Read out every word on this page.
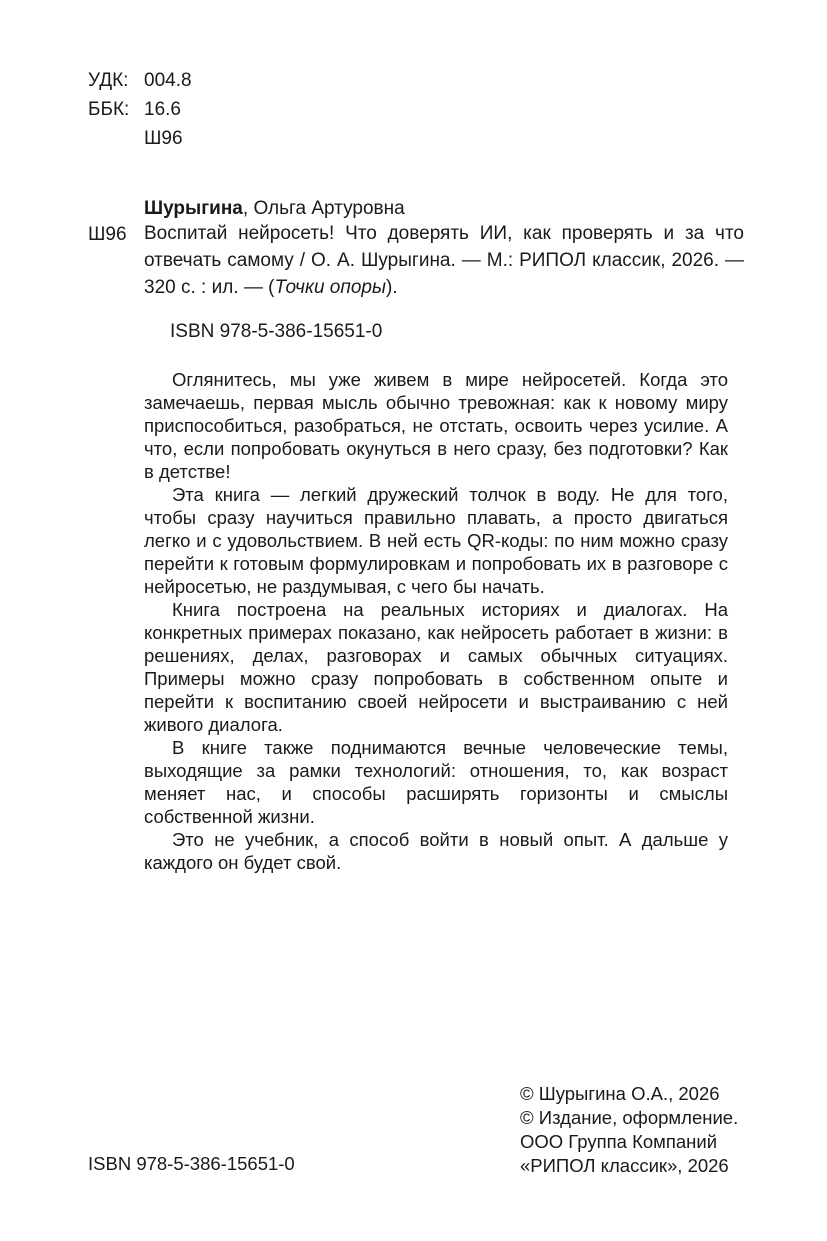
УДК: 004.8
ББК: 16.6
Ш96
Шурыгина, Ольга Артуровна
Ш96 Воспитай нейросеть! Что доверять ИИ, как проверять и за что отвечать самому / О. А. Шурыгина. — М.: РИПОЛ классик, 2026. — 320 с. : ил. — (Точки опоры).
ISBN 978-5-386-15651-0

Оглянитесь, мы уже живем в мире нейросетей. Когда это замечаешь, первая мысль обычно тревожная: как к новому миру приспособиться, разобраться, не отстать, освоить через усилие. А что, если попробовать окунуться в него сразу, без подготовки? Как в детстве!

Эта книга — легкий дружеский толчок в воду. Не для того, чтобы сразу научиться правильно плавать, а просто двигаться легко и с удовольствием. В ней есть QR-коды: по ним можно сразу перейти к готовым формулировкам и попробовать их в разговоре с нейросетью, не раздумывая, с чего бы начать.

Книга построена на реальных историях и диалогах. На конкретных примерах показано, как нейросеть работает в жизни: в решениях, делах, разговорах и самых обычных ситуациях. Примеры можно сразу попробовать в собственном опыте и перейти к воспитанию своей нейросети и выстраиванию с ней живого диалога.

В книге также поднимаются вечные человеческие темы, выходящие за рамки технологий: отношения, то, как возраст меняет нас, и способы расширять горизонты и смыслы собственной жизни.

Это не учебник, а способ войти в новый опыт. А дальше у каждого он будет свой.

ISBN 978-5-386-15651-0
© Шурыгина О.А., 2026
© Издание, оформление.
ООО Группа Компаний
«РИПОЛ классик», 2026
